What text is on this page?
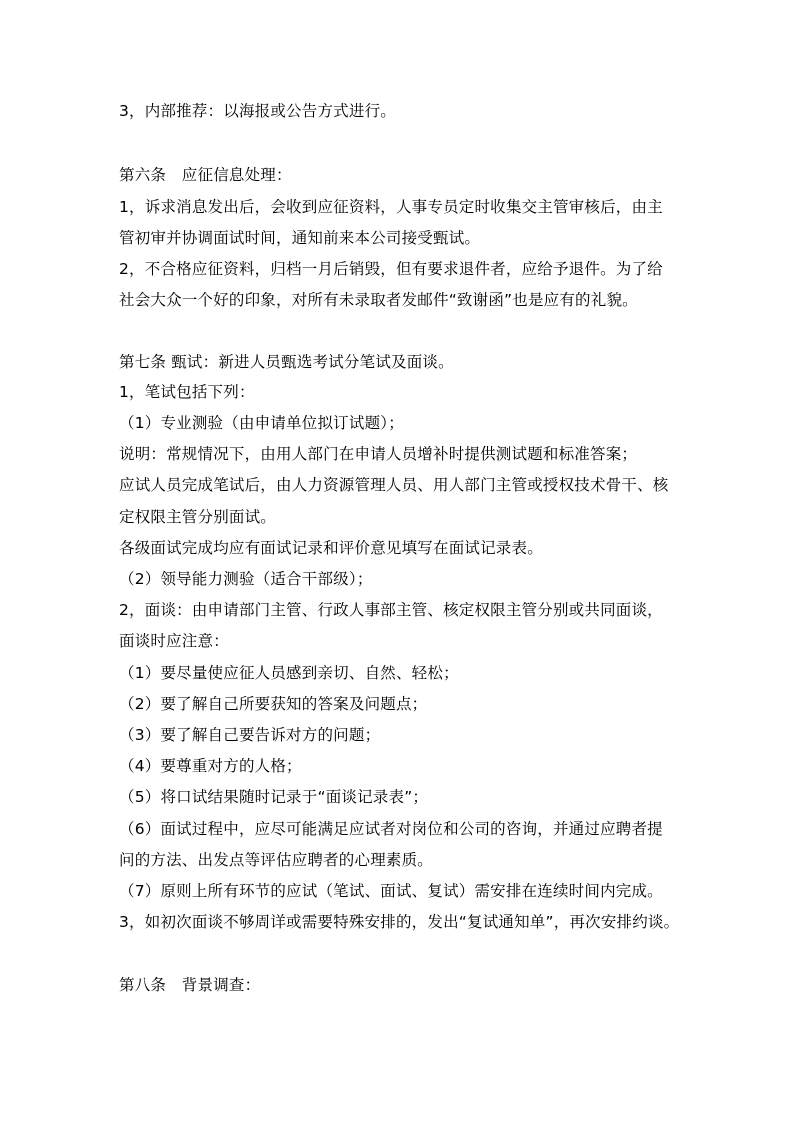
3，内部推荐：以海报或公告方式进行。
第六条　应征信息处理：
1，诉求消息发出后，会收到应征资料，人事专员定时收集交主管审核后，由主
管初审并协调面试时间，通知前来本公司接受甄试。
2，不合格应征资料，归档一月后销毁，但有要求退件者，应给予退件。为了给
社会大众一个好的印象，对所有未录取者发邮件“致谢函”也是应有的礼貌。
第七条 甄试：新进人员甄选考试分笔试及面谈。
1，笔试包括下列：
（1）专业测验（由申请单位拟订试题）；
说明：常规情况下，由用人部门在申请人员增补时提供测试题和标准答案；
应试人员完成笔试后，由人力资源管理人员、用人部门主管或授权技术骨干、核
定权限主管分别面试。
各级面试完成均应有面试记录和评价意见填写在面试记录表。
（2）领导能力测验（适合干部级）；
2，面谈：由申请部门主管、行政人事部主管、核定权限主管分别或共同面谈，
面谈时应注意：
（1）要尽量使应征人员感到亲切、自然、轻松；
（2）要了解自己所要获知的答案及问题点；
（3）要了解自己要告诉对方的问题；
（4）要尊重对方的人格；
（5）将口试结果随时记录于“面谈记录表”；
（6）面试过程中，应尽可能满足应试者对岗位和公司的咨询，并通过应聘者提
问的方法、出发点等评估应聘者的心理素质。
（7）原则上所有环节的应试（笔试、面试、复试）需安排在连续时间内完成。
3，如初次面谈不够周详或需要特殊安排的，发出“复试通知单”，再次安排约谈。
第八条　背景调查：
